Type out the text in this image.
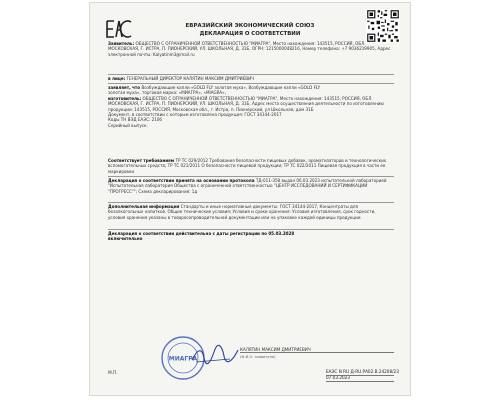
ЕВРАЗИЙСКИЙ ЭКОНОМИЧЕСКИЙ СОЮЗ
ДЕКЛАРАЦИЯ О СООТВЕТСТВИИ
Заявитель: ОБЩЕСТВО С ОГРАНИЧЕННОЙ ОТВЕТСТВЕННОСТЬЮ "МИАГРА", Место нахождения: 143515, РОССИЯ, ОБЛ. МОСКОВСКАЯ, Г. ИСТРА, П. ПИОНЕРСКИЙ, УЛ. ШКОЛЬНАЯ, Д. 31Б, ОГРН: 1215000048216, Номер телефона: +7 9036219905, Адрес электронной почты: Kalyatinm3@mail.ru
в лице: ГЕНЕРАЛЬНЫЙ ДИРЕКТОР КАЛЯТИН МАКСИМ ДМИТРИЕВИЧ
заявляет, что Возбуждающие капли «GOLD FLY золотая муха», Возбуждающие капли «GOLD FLY
золотая муха», торговая марка: «МИАГРА», «MIAGRA»,
изготовитель: ОБЩЕСТВО С ОГРАНИЧЕННОЙ ОТВЕТСТВЕННОСТЬЮ "МИАГРА", Место нахождения: 143515, РОССИЯ, ОБЛ. МОСКОВСКАЯ, Г. ИСТРА, П. ПИОНЕРСКИЙ, УЛ. ШКОЛЬНАЯ, Д. 31Б, Адрес места осуществления деятельности по изготовлению продукции: 143515, РОССИЯ, Московская обл., г. Истра, п. Пионерский, ул Школьная, дом 31Б
Документ, в соответствии с которым изготовлена продукция: ГОСТ 34144-2017
Коды ТН ВЭД ЕАЭС: 2106
Серийный выпуск.
Соответствует требованиям ТР ТС 029/2012 Требования безопасности пищевых добавок, ароматизаторов и технологических вспомогательных средств; ТР ТС 021/2011 О безопасности пищевой продукции; ТР ТС 022/2011 Пищевая продукция в части ее маркировки
Декларация о соответствии принята на основании протокола ТД-011-358 выдан 06.03.2023 испытательной лабораторией "Испытательная лаборатория Общества с ограниченной ответственностью "ЦЕНТР ИССЛЕДОВАНИЙ И СЕРТИФИКАЦИИ "ПРОГРЕСС""; Схема декларирования: 1д
Дополнительная информация Стандарты и иные нормативные документы: ГОСТ 34144-2017, Концентраты для безалкогольных напитков. Общие технические условия; Условия и сроки хранения: Условия изготовления, срок годности, условия хранения указаны в товаросопроводительной документации или на упаковке каждой единицы продукции
Декларация о соответствии действительна с даты регистрации по 05.03.2028
включительно
МИАГРА
КАЛЯТИН МАКСИМ ДМИТРИЕВИЧ
(Ф.И.О. заявителя)
М.П.	ЕАЭС N RU Д-RU.РА02.В.24208/23
07.03.2023
